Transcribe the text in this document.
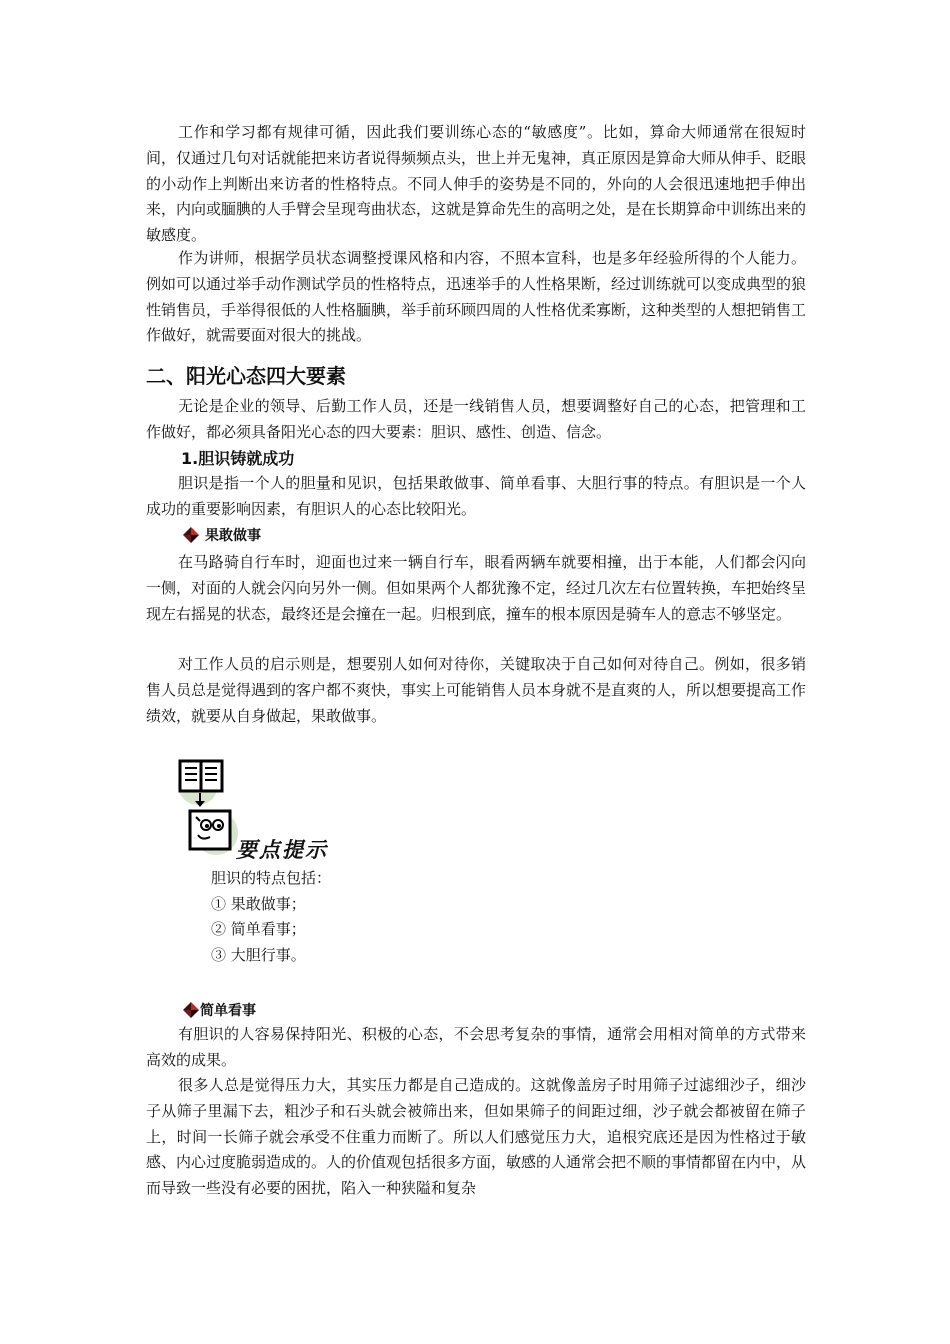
工作和学习都有规律可循，因此我们要训练心态的“敏感度”。比如，算命大师通常在很短时间，仅通过几句对话就能把来访者说得频频点头，世上并无鬼神，真正原因是算命大师从伸手、眨眼的小动作上判断出来访者的性格特点。不同人伸手的姿势是不同的，外向的人会很迅速地把手伸出来，内向或腼腆的人手臂会呈现弯曲状态，这就是算命先生的高明之处，是在长期算命中训练出来的敏感度。

作为讲师，根据学员状态调整授课风格和内容，不照本宣科，也是多年经验所得的个人能力。例如可以通过举手动作测试学员的性格特点，迅速举手的人性格果断，经过训练就可以变成典型的狼性销售员，手举得很低的人性格腼腆，举手前环顾四周的人性格优柔寡断，这种类型的人想把销售工作做好，就需要面对很大的挑战。

二、阳光心态四大要素

无论是企业的领导、后勤工作人员，还是一线销售人员，想要调整好自己的心态，把管理和工作做好，都必须具备阳光心态的四大要素：胆识、感性、创造、信念。

1.胆识铸就成功

胆识是指一个人的胆量和见识，包括果敢做事、简单看事、大胆行事的特点。有胆识是一个人成功的重要影响因素，有胆识人的心态比较阳光。

果敢做事

在马路骑自行车时，迎面也过来一辆自行车，眼看两辆车就要相撞，出于本能，人们都会闪向一侧，对面的人就会闪向另外一侧。但如果两个人都犹豫不定，经过几次左右位置转换，车把始终呈现左右摇晃的状态，最终还是会撞在一起。归根到底，撞车的根本原因是骑车人的意志不够坚定。

对工作人员的启示则是，想要别人如何对待你，关键取决于自己如何对待自己。例如，很多销售人员总是觉得遇到的客户都不爽快，事实上可能销售人员本身就不是直爽的人，所以想要提高工作绩效，就要从自身做起，果敢做事。

要点提示
胆识的特点包括：
① 果敢做事；
② 简单看事；
③ 大胆行事。
简单看事

有胆识的人容易保持阳光、积极的心态，不会思考复杂的事情，通常会用相对简单的方式带来高效的成果。

很多人总是觉得压力大，其实压力都是自己造成的。这就像盖房子时用筛子过滤细沙子，细沙子从筛子里漏下去，粗沙子和石头就会被筛出来，但如果筛子的间距过细，沙子就会都被留在筛子上，时间一长筛子就会承受不住重力而断了。所以人们感觉压力大，追根究底还是因为性格过于敏感、内心过度脆弱造成的。人的价值观包括很多方面，敏感的人通常会把不顺的事情都留在内中，从而导致一些没有必要的困扰，陷入一种狭隘和复杂
